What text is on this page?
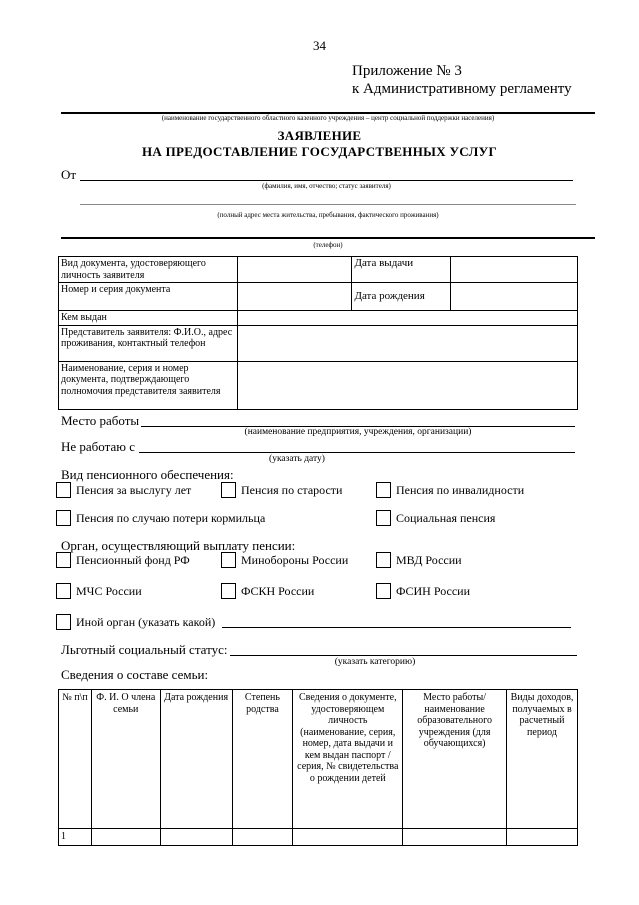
34
Приложение № 3
к Административному регламенту
(наименование государственного областного казенного учреждения – центр социальной поддержки населения)
ЗАЯВЛЕНИЕ
НА ПРЕДОСТАВЛЕНИЕ ГОСУДАРСТВЕННЫХ УСЛУГ
От
(фамилия, имя, отчество; статус заявителя)
(полный адрес места жительства, пребывания, фактического проживания)
(телефон)
Вид документа, удостоверяющего личность заявителя		Дата выдачи	
Номер и серия документа		Дата рождения	
Кем выдан			
Представитель заявителя: Ф.И.О., адрес проживания, контактный телефон			
Наименование, серия и номер документа, подтверждающего полномочия представителя заявителя			
Место работы
(наименование предприятия, учреждения, организации)
Не работаю с
(указать дату)
Вид пенсионного обеспечения:
Пенсия за выслугу лет	Пенсия по старости	Пенсия по инвалидности
Пенсия по случаю потери кормильца	Социальная пенсия
Орган, осуществляющий выплату пенсии:
Пенсионный фонд РФ	Минобороны России	МВД России
МЧС России	ФСКН России	ФСИН России
Иной орган (указать какой)
Льготный социальный статус:
(указать категорию)
Сведения о составе семьи:
№ п\п	Ф. И. О члена семьи	Дата рождения	Степень родства	Сведения о документе, удостоверяющем личность (наименование, серия, номер, дата выдачи и кем выдан паспорт / серия, № свидетельства о рождении детей	Место работы/ наименование образовательного учреждения (для обучающихся)	Виды доходов, получаемых в расчетный период
1						
